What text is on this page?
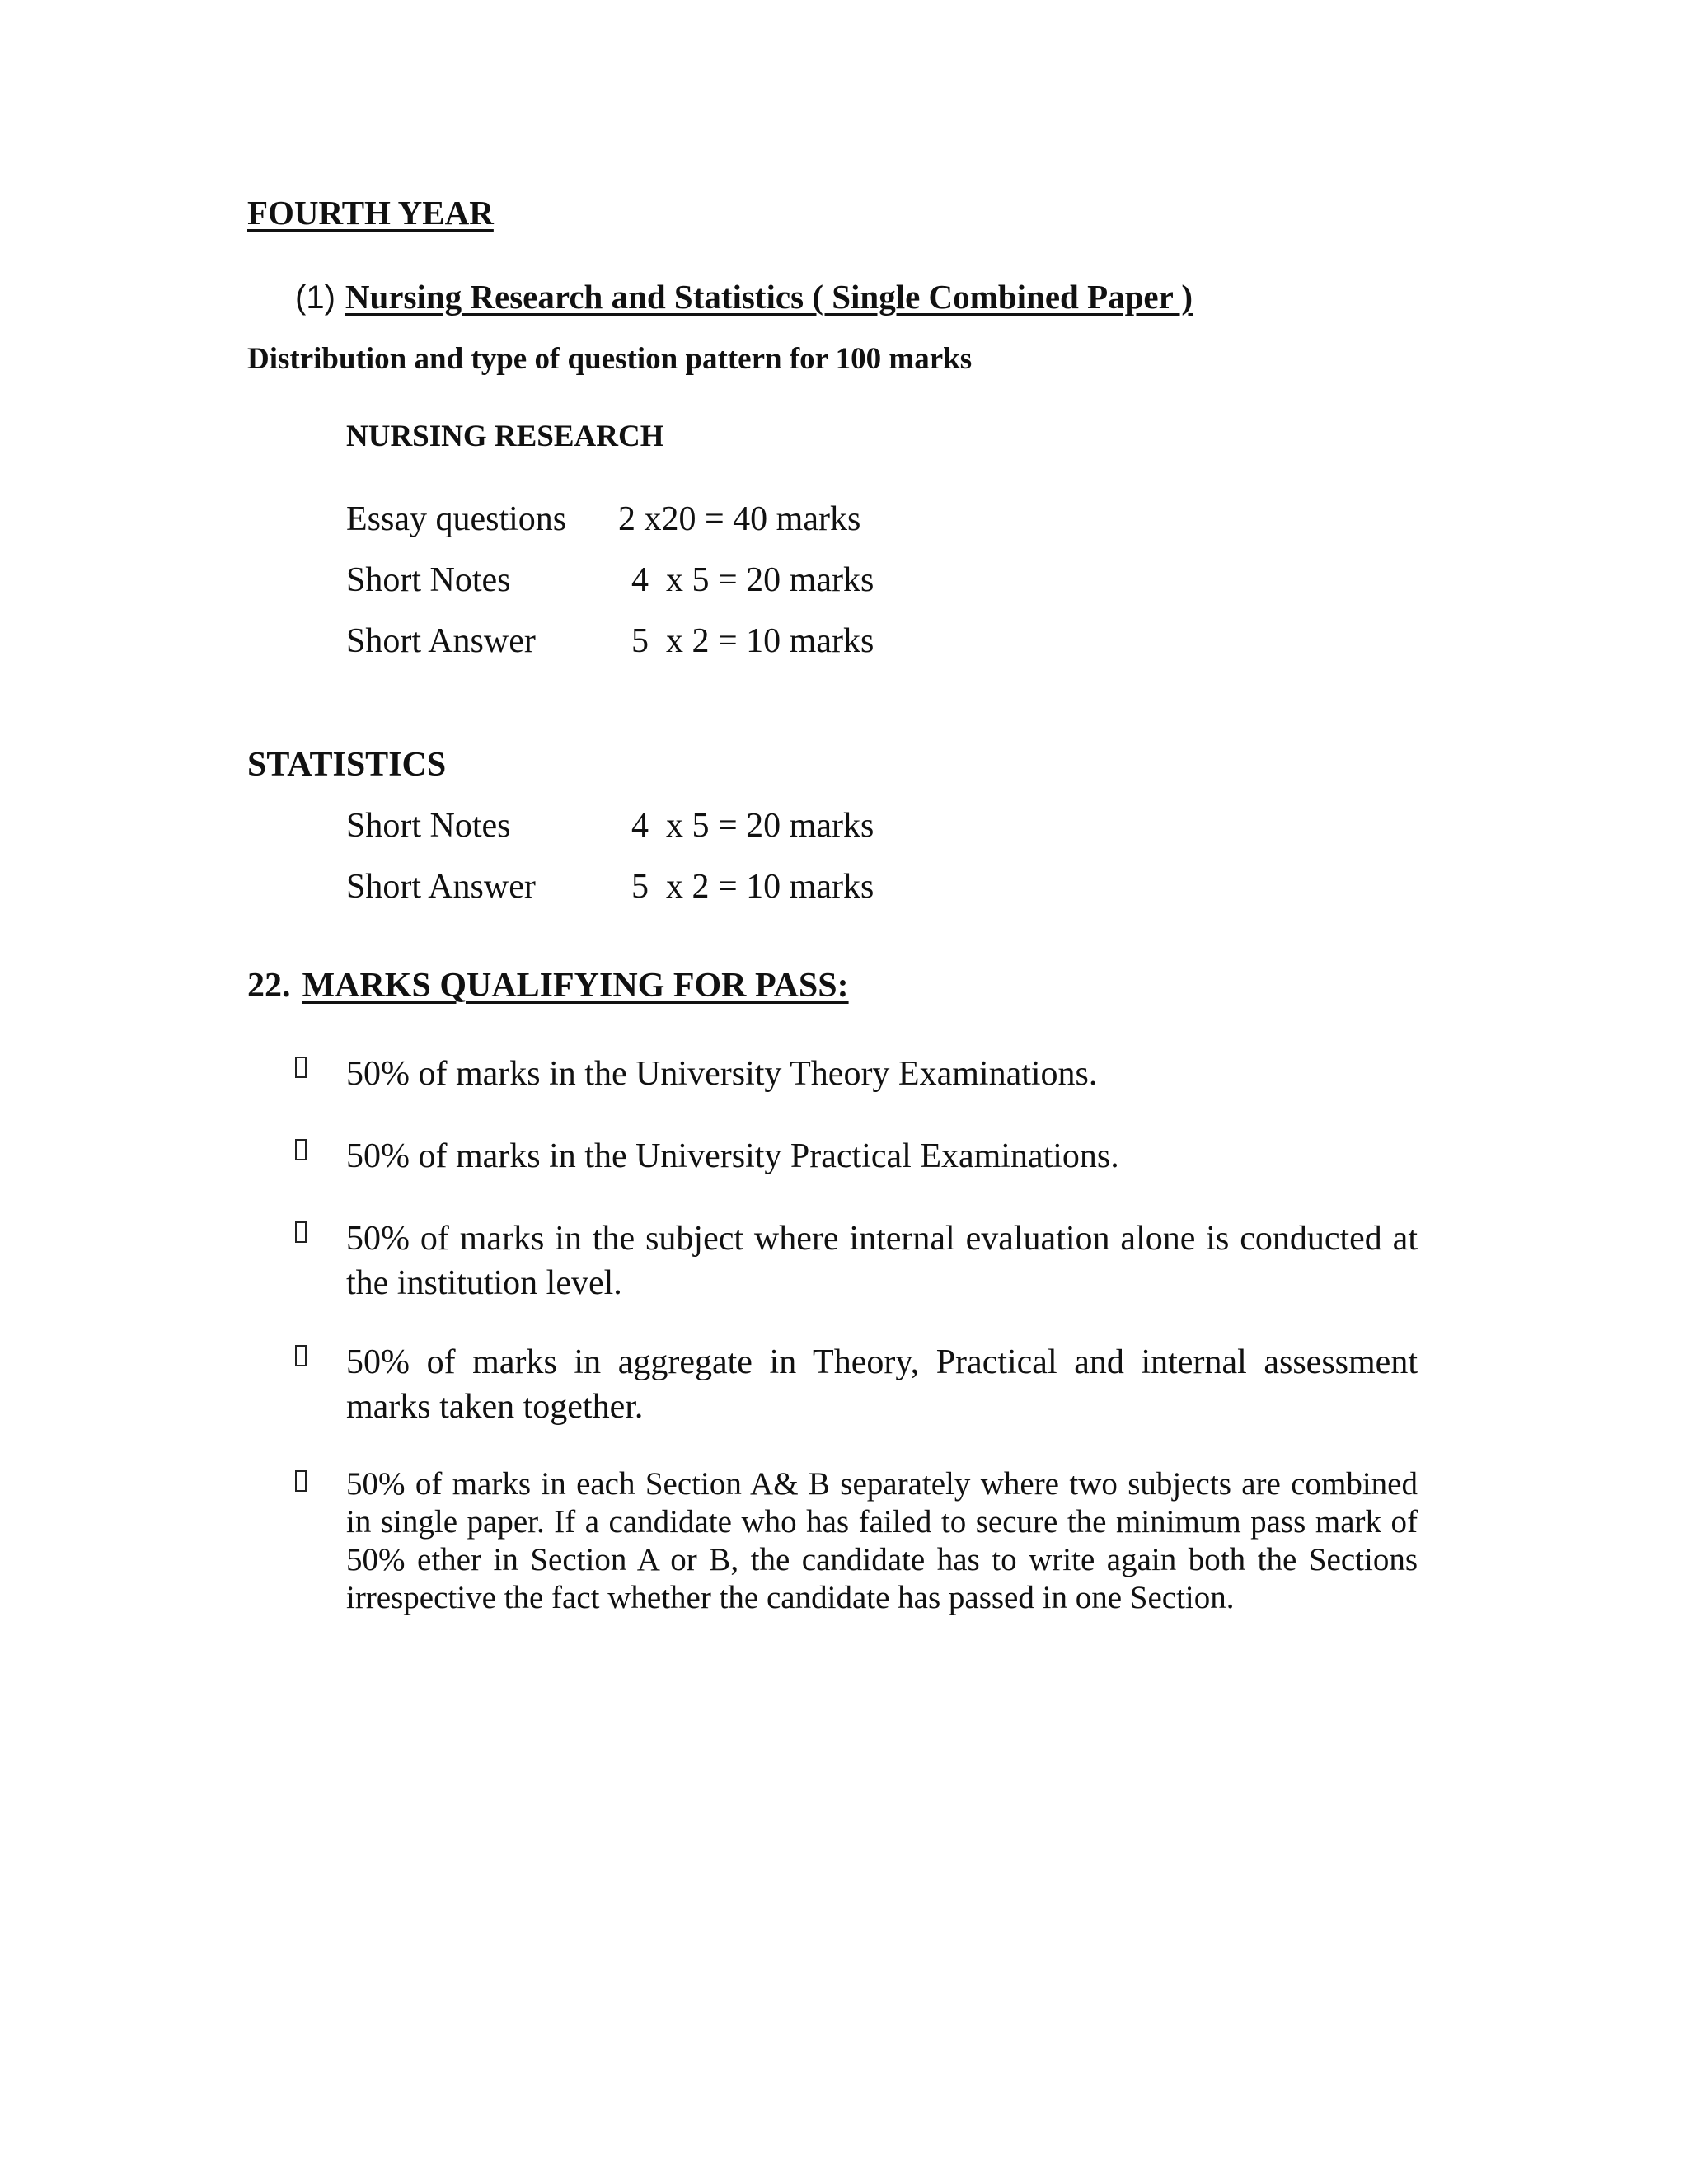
FOURTH YEAR
(1) Nursing Research and Statistics ( Single Combined Paper )
Distribution and type of question pattern for 100 marks
NURSING RESEARCH
Essay questions 2 x20 = 40 marks
Short Notes	4  x 5 = 20 marks
Short Answer	5  x 2 = 10 marks
STATISTICS
Short Notes	4  x 5 = 20 marks
Short Answer	5  x 2 = 10 marks
22. MARKS QUALIFYING FOR PASS:
50% of marks in the University Theory Examinations.
50% of marks in the University Practical Examinations.
50% of marks in the subject where internal evaluation alone is conducted at the institution level.
50% of marks in aggregate in Theory, Practical and internal assessment marks taken together.
50% of marks in each Section A& B separately where two subjects are combined in single paper. If a candidate who has failed to secure the minimum pass mark of 50% ether in Section A or B, the candidate has to write again both the Sections irrespective the fact whether the candidate has passed in one Section.
